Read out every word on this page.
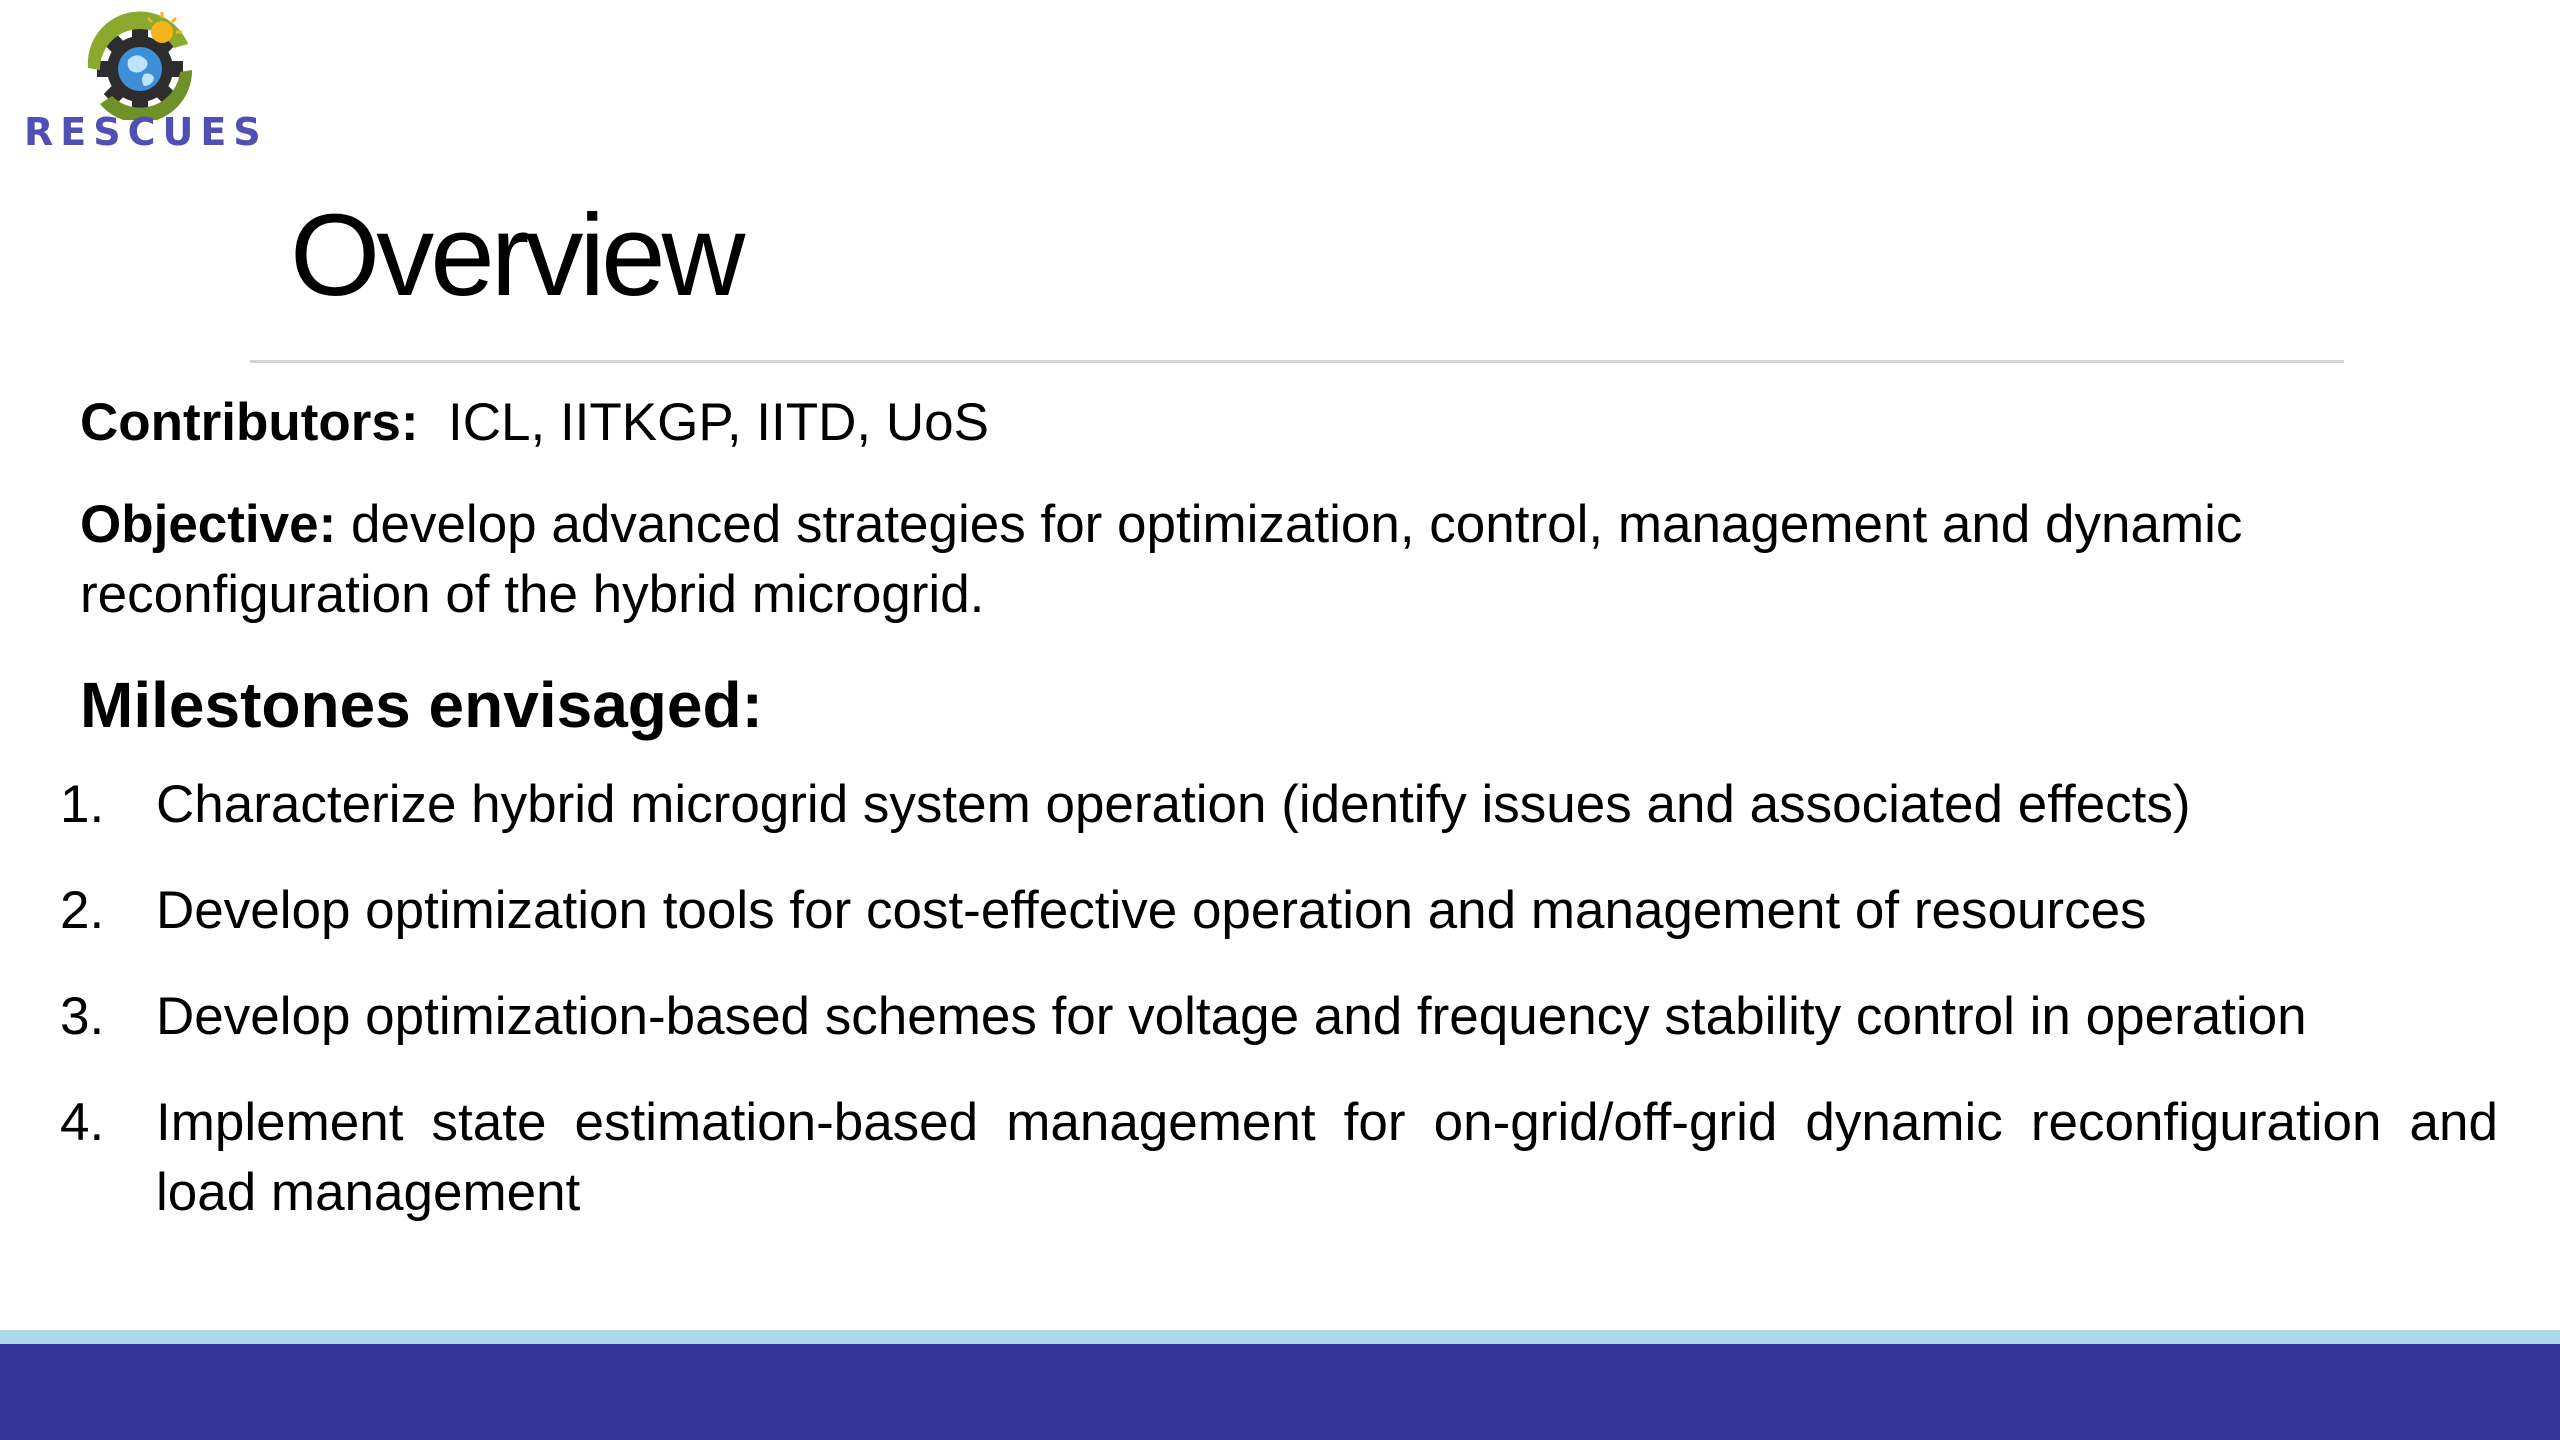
RESCUES
Overview

Contributors: ICL, IITKGP, IITD, UoS

Objective: develop advanced strategies for optimization, control, management and dynamic reconfiguration of the hybrid microgrid.

Milestones envisaged:
1. Characterize hybrid microgrid system operation (identify issues and associated effects)
2. Develop optimization tools for cost-effective operation and management of resources
3. Develop optimization-based schemes for voltage and frequency stability control in operation
4. Implement state estimation-based management for on-grid/off-grid dynamic reconfiguration and load management
